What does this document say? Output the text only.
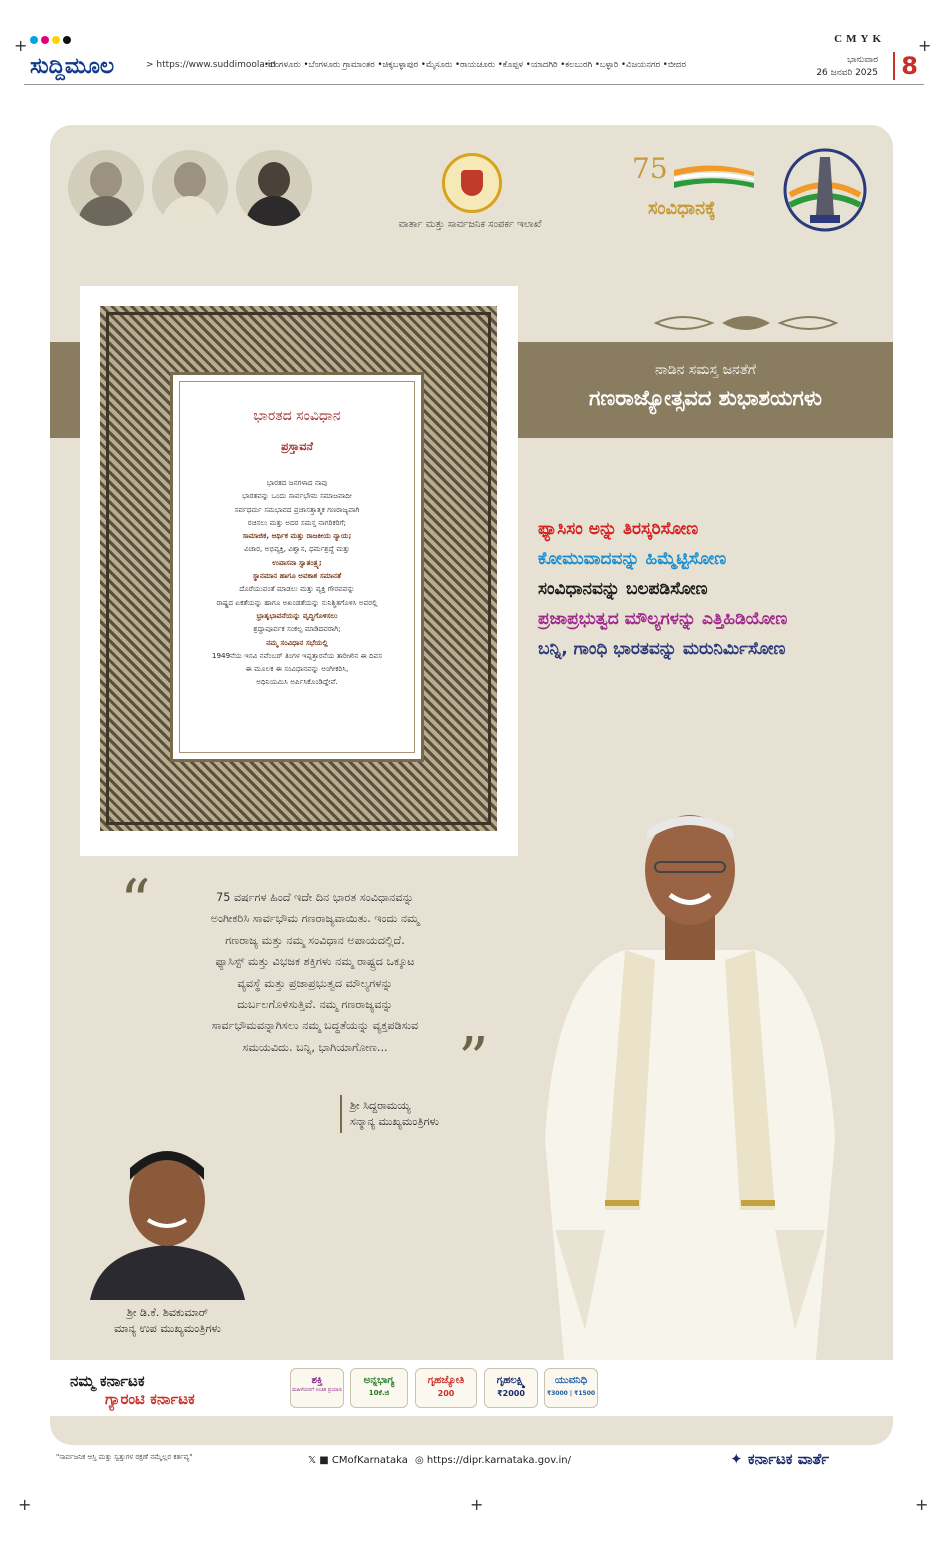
+	+
CMYK
ಸುದ್ದಿಮೂಲ	> https://www.suddimoola.in
•ಬೆಂಗಳೂರು •ಬೆಂಗಳೂರು ಗ್ರಾಮಾಂತರ •ಚಿಕ್ಕಬಳ್ಳಾಪುರ •ಮೈಸೂರು •ರಾಯಚೂರು •ಕೊಪ್ಪಳ •ಯಾದಗಿರಿ •ಕಲಬುರಗಿ •ಬಳ್ಳಾರಿ •ವಿಜಯನಗರ •ಬೀದರ	ಭಾನುವಾರ
26 ಜನವರಿ 2025 8
ವಾರ್ತಾ ಮತ್ತು ಸಾರ್ವಜನಿಕ ಸಂಪರ್ಕ ಇಲಾಖೆ
75
ಸಂವಿಧಾನಕ್ಕೆ
ಭಾರತದ ಸಂವಿಧಾನ
ಪ್ರಸ್ತಾವನೆ
ಭಾರತದ ಜನಗಳಾದ ನಾವು
ಭಾರತವನ್ನು ಒಂದು ಸಾರ್ವಭೌಮ ಸಮಾಜವಾದೀ
ಸರ್ವಧರ್ಮ ಸಮಭಾವದ ಪ್ರಜಾಸತ್ತಾತ್ಮಕ ಗಣರಾಜ್ಯವಾಗಿ
ರಚಿಸಲು ಮತ್ತು ಅದರ ಸಮಸ್ತ ನಾಗರಿಕರಿಗೆ;
ಸಾಮಾಜಿಕ, ಆರ್ಥಿಕ ಮತ್ತು ರಾಜಕೀಯ ನ್ಯಾಯ;
ವಿಚಾರ, ಅಭಿವ್ಯಕ್ತಿ, ವಿಶ್ವಾಸ, ಧರ್ಮಶ್ರದ್ಧೆ ಮತ್ತು
ಉಪಾಸನಾ ಸ್ವಾತಂತ್ರ್ಯ;
ಸ್ಥಾನಮಾನ ಹಾಗೂ ಅವಕಾಶ ಸಮಾನತೆ
ದೊರೆಯುವಂತೆ ಮಾಡಲು ಮತ್ತು ವ್ಯಕ್ತಿ ಗೌರವವನ್ನು
ರಾಷ್ಟ್ರದ ಏಕತೆಯನ್ನು ಹಾಗೂ ಅಖಂಡತೆಯನ್ನು ಸುನಿಶ್ಚಿತಗೊಳಿಸಿ ಅವರಲ್ಲಿ
ಭ್ರಾತೃಭಾವನೆಯನ್ನು ವೃದ್ಧಿಗೊಳಿಸಲು
ಶ್ರದ್ಧಾಪೂರ್ವಕ ಸಂಕಲ್ಪ ಮಾಡಿದವರಾಗಿ;
ನಮ್ಮ ಸಂವಿಧಾನ ಸಭೆಯಲ್ಲಿ
1949ನೆಯ ಇಸವಿ ನವೆಂಬರ್ ತಿಂಗಳ ಇಪ್ಪತ್ತಾರನೆಯ ತಾರೀಖಿನ ಈ ದಿವಸ
ಈ ಮೂಲಕ ಈ ಸಂವಿಧಾನವನ್ನು ಅಂಗೀಕರಿಸಿ,
ಅಧಿನಿಯಮಿಸಿ ಅರ್ಪಿಸಿಕೊಂಡಿದ್ದೇವೆ.
ನಾಡಿನ ಸಮಸ್ತ ಜನತೆಗೆ
ಗಣರಾಜ್ಯೋತ್ಸವದ ಶುಭಾಶಯಗಳು
ಫ್ಯಾಸಿಸಂ ಅನ್ನು ತಿರಸ್ಕರಿಸೋಣ
ಕೋಮುವಾದವನ್ನು ಹಿಮ್ಮೆಟ್ಟಿಸೋಣ
ಸಂವಿಧಾನವನ್ನು ಬಲಪಡಿಸೋಣ
ಪ್ರಜಾಪ್ರಭುತ್ವದ ಮೌಲ್ಯಗಳನ್ನು ಎತ್ತಿಹಿಡಿಯೋಣ
ಬನ್ನಿ, ಗಾಂಧಿ ಭಾರತವನ್ನು ಮರುನಿರ್ಮಿಸೋಣ
“	75 ವರ್ಷಗಳ ಹಿಂದೆ ಇದೇ ದಿನ ಭಾರತ ಸಂವಿಧಾನವನ್ನು
ಅಂಗೀಕರಿಸಿ ಸಾರ್ವಭೌಮ ಗಣರಾಜ್ಯವಾಯಿತು. ಇಂದು ನಮ್ಮ
ಗಣರಾಜ್ಯ ಮತ್ತು ನಮ್ಮ ಸಂವಿಧಾನ ಅಪಾಯದಲ್ಲಿದೆ.
ಫ್ಯಾಸಿಸ್ಟ್ ಮತ್ತು ವಿಭಜಕ ಶಕ್ತಿಗಳು ನಮ್ಮ ರಾಷ್ಟ್ರದ ಒಕ್ಕೂಟ
ವ್ಯವಸ್ಥೆ ಮತ್ತು ಪ್ರಜಾಪ್ರಭುತ್ವದ ಮೌಲ್ಯಗಳನ್ನು
ದುರ್ಬಲಗೊಳಿಸುತ್ತಿವೆ. ನಮ್ಮ ಗಣರಾಜ್ಯವನ್ನು
ಸಾರ್ವಭೌಮವನ್ನಾಗಿಸಲು ನಮ್ಮ ಬದ್ಧತೆಯನ್ನು ವ್ಯಕ್ತಪಡಿಸುವ
ಸಮಯವಿದು. ಬನ್ನಿ, ಭಾಗಿಯಾಗೋಣ...	”
ಶ್ರೀ ಸಿದ್ದರಾಮಯ್ಯ
ಸನ್ಮಾನ್ಯ ಮುಖ್ಯಮಂತ್ರಿಗಳು
ಶ್ರೀ ಡಿ.ಕೆ. ಶಿವಕುಮಾರ್
ಮಾನ್ಯ ಉಪ ಮುಖ್ಯಮಂತ್ರಿಗಳು
ನಮ್ಮ ಕರ್ನಾಟಕ
ಗ್ಯಾರಂಟಿ ಕರ್ನಾಟಕ
ಶಕ್ತಿ
ಮಹಿಳೆಯರಿಗೆ ಉಚಿತ ಪ್ರಯಾಣ
ಅನ್ನಭಾಗ್ಯ
10ಕೆ.ಜಿ
ಗೃಹಜ್ಯೋತಿ
200
ಗೃಹಲಕ್ಷ್ಮಿ
₹2000
ಯುವನಿಧಿ
₹3000 | ₹1500
"ಸಾರ್ವಜನಿಕ ಆಸ್ತಿ ಮತ್ತು ಸ್ವತ್ತುಗಳ ರಕ್ಷಣೆ ನಮ್ಮೆಲ್ಲರ ಕರ್ತವ್ಯ"	𝕏 ■ CMofKarnataka ◎ https://dipr.karnataka.gov.in/	✦ ಕರ್ನಾಟಕ ವಾರ್ತೆ
+	+	+
